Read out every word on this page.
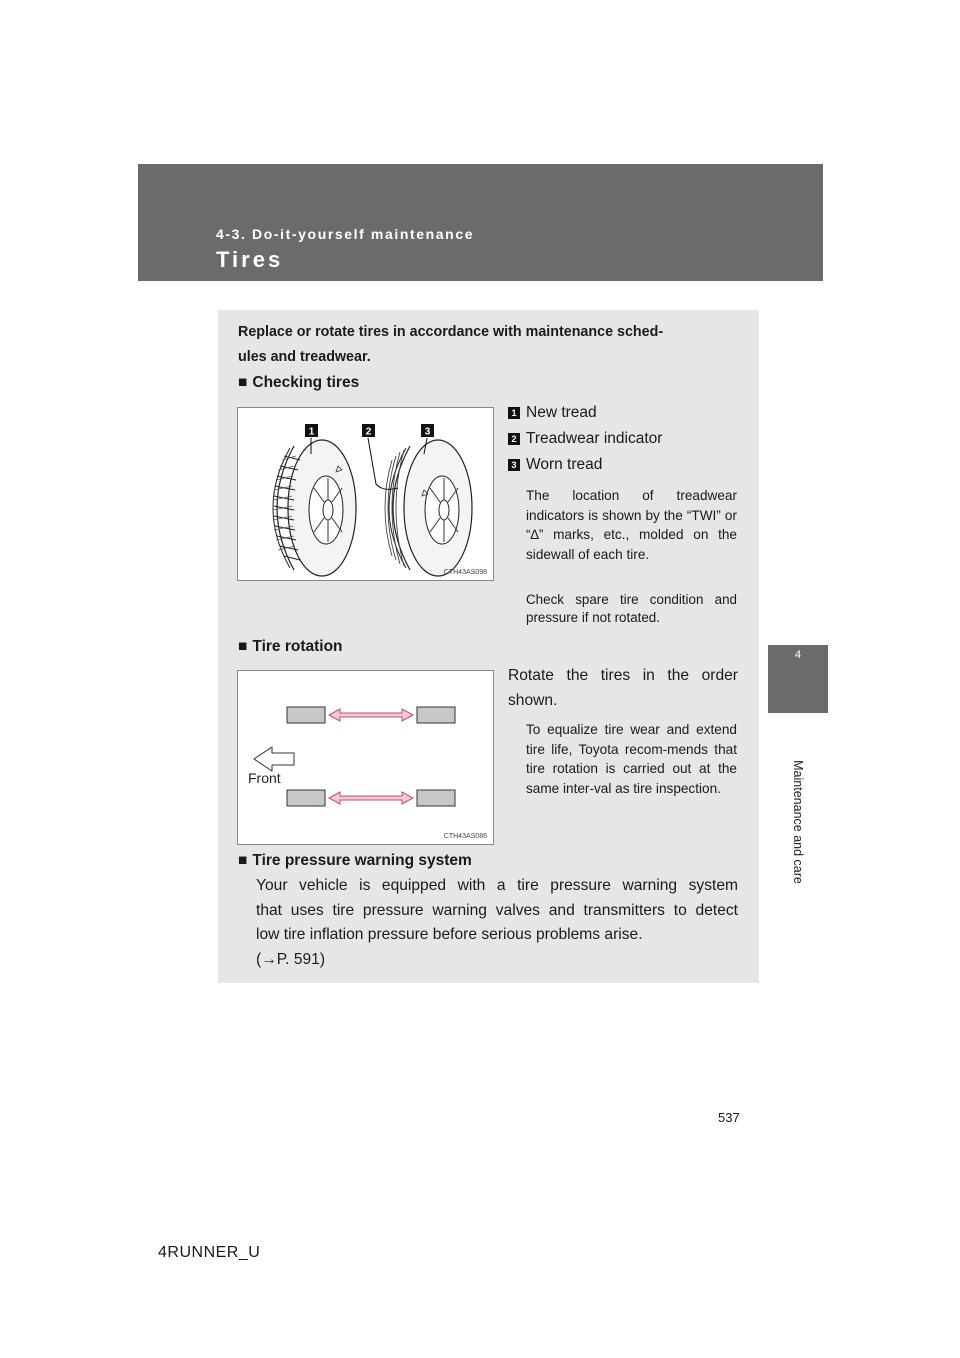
4-3. Do-it-yourself maintenance
Tires
4
Maintenance and care
Replace or rotate tires in accordance with maintenance sched-
ules and treadwear.
■ Checking tires
1	2	3
CTH43AS098
1 New tread
2 Treadwear indicator
3 Worn tread
The location of treadwear indicators is shown by the “TWI” or “∆” marks, etc., molded on the sidewall of each tire.
Check spare tire condition and pressure if not rotated.
■ Tire rotation
Front
CTH43AS086
Rotate the tires in the order shown.
To equalize tire wear and extend tire life, Toyota recom-mends that tire rotation is carried out at the same inter-val as tire inspection.
■ Tire pressure warning system
Your vehicle is equipped with a tire pressure warning system
that uses tire pressure warning valves and transmitters to detect
low tire inflation pressure before serious problems arise.
(→P. 591)
537
4RUNNER_U
